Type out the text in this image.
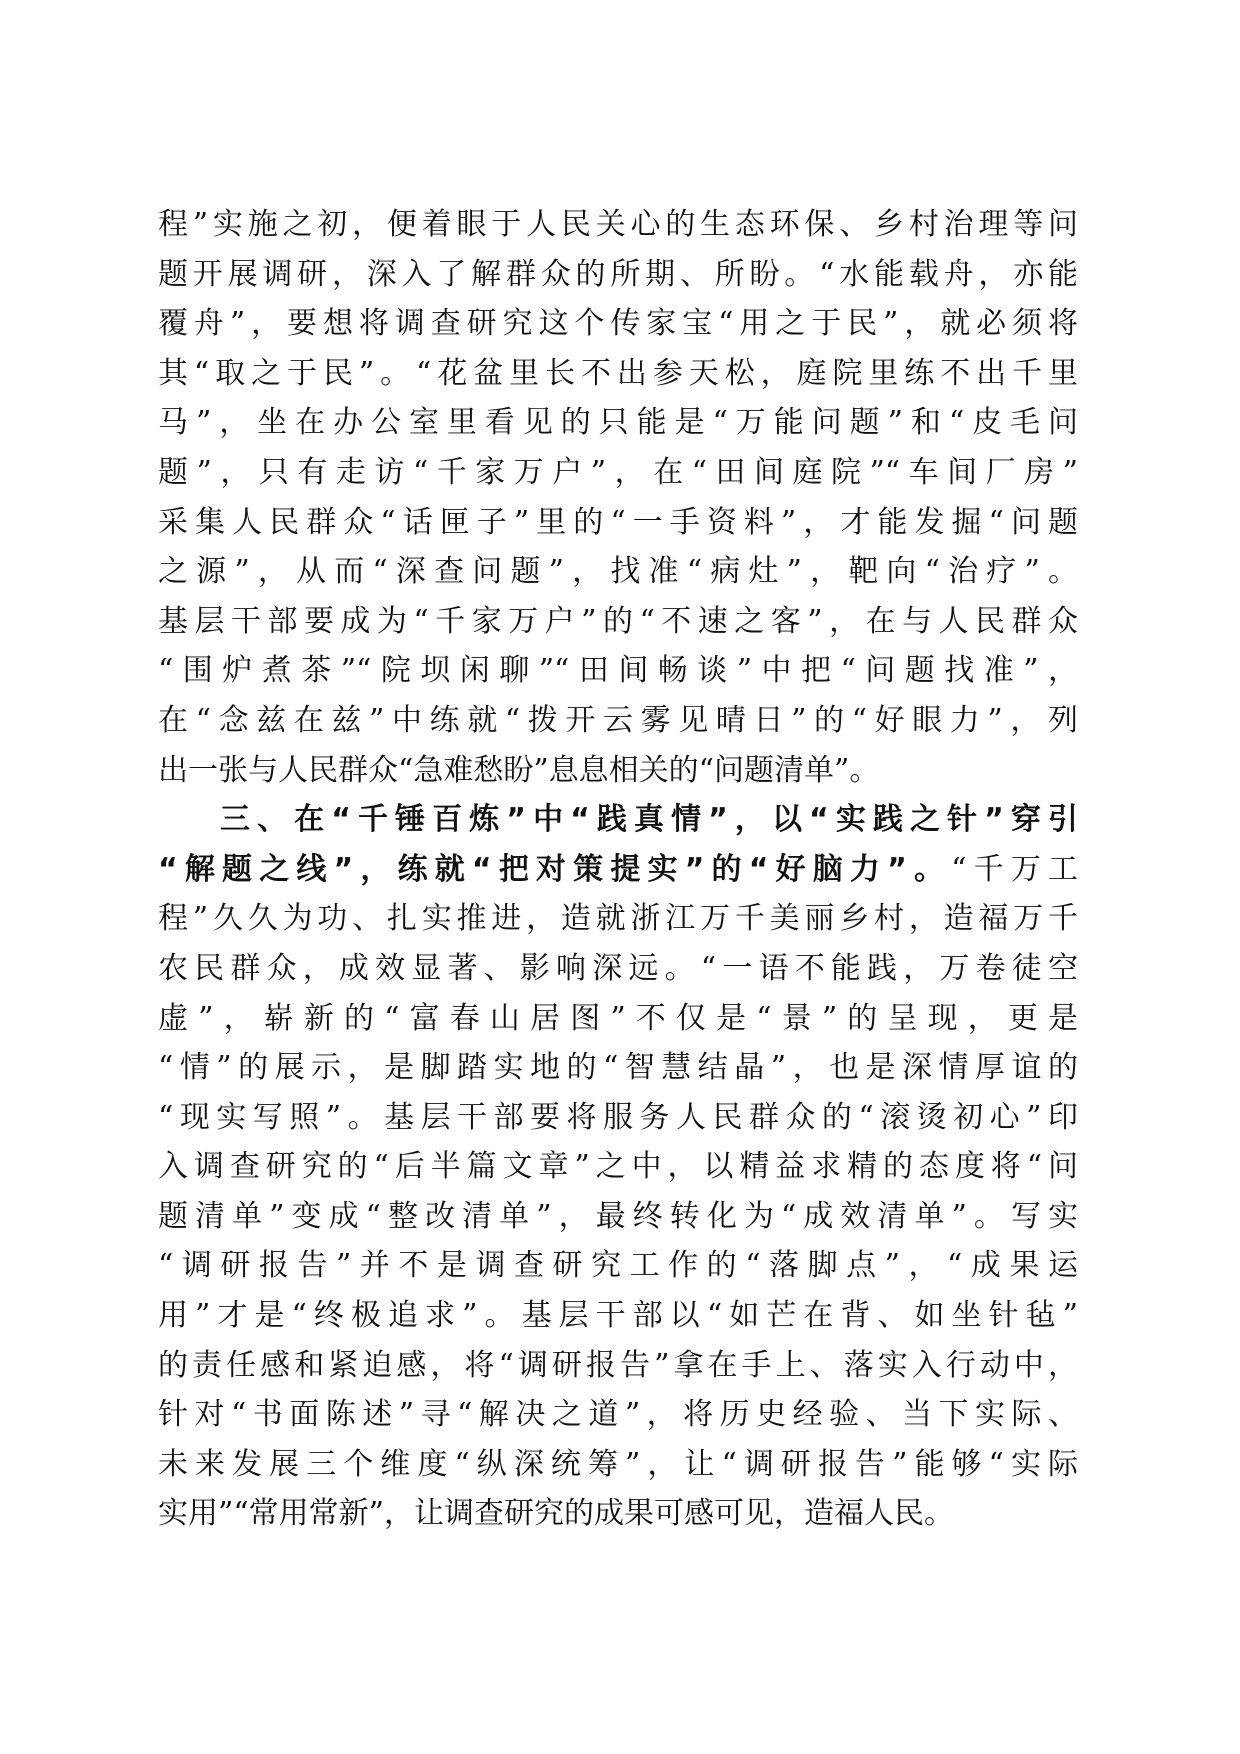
程”实施之初，便着眼于人民关心的生态环保、乡村治理等问
题开展调研，深入了解群众的所期、所盼。“水能载舟，亦能
覆舟”，要想将调查研究这个传家宝“用之于民”，就必须将
其“取之于民”。“花盆里长不出参天松，庭院里练不出千里
马”，坐在办公室里看见的只能是“万能问题”和“皮毛问
题”，只有走访“千家万户”，在“田间庭院”“车间厂房”
采集人民群众“话匣子”里的“一手资料”，才能发掘“问题
之源”，从而“深查问题”，找准“病灶”，靶向“治疗”。
基层干部要成为“千家万户”的“不速之客”，在与人民群众
“围炉煮茶”“院坝闲聊”“田间畅谈”中把“问题找准”，
在“念兹在兹”中练就“拨开云雾见晴日”的“好眼力”，列
出一张与人民群众“急难愁盼”息息相关的“问题清单”。
三、在“千锤百炼”中“践真情”，以“实践之针”穿引
“解题之线”，练就“把对策提实”的“好脑力”。“千万工
程”久久为功、扎实推进，造就浙江万千美丽乡村，造福万千
农民群众，成效显著、影响深远。“一语不能践，万卷徒空
虚”，崭新的“富春山居图”不仅是“景”的呈现，更是
“情”的展示，是脚踏实地的“智慧结晶”，也是深情厚谊的
“现实写照”。基层干部要将服务人民群众的“滚烫初心”印
入调查研究的“后半篇文章”之中，以精益求精的态度将“问
题清单”变成“整改清单”，最终转化为“成效清单”。写实
“调研报告”并不是调查研究工作的“落脚点”，“成果运
用”才是“终极追求”。基层干部以“如芒在背、如坐针毡”
的责任感和紧迫感，将“调研报告”拿在手上、落实入行动中，
针对“书面陈述”寻“解决之道”，将历史经验、当下实际、
未来发展三个维度“纵深统筹”，让“调研报告”能够“实际
实用”“常用常新”，让调查研究的成果可感可见，造福人民。
